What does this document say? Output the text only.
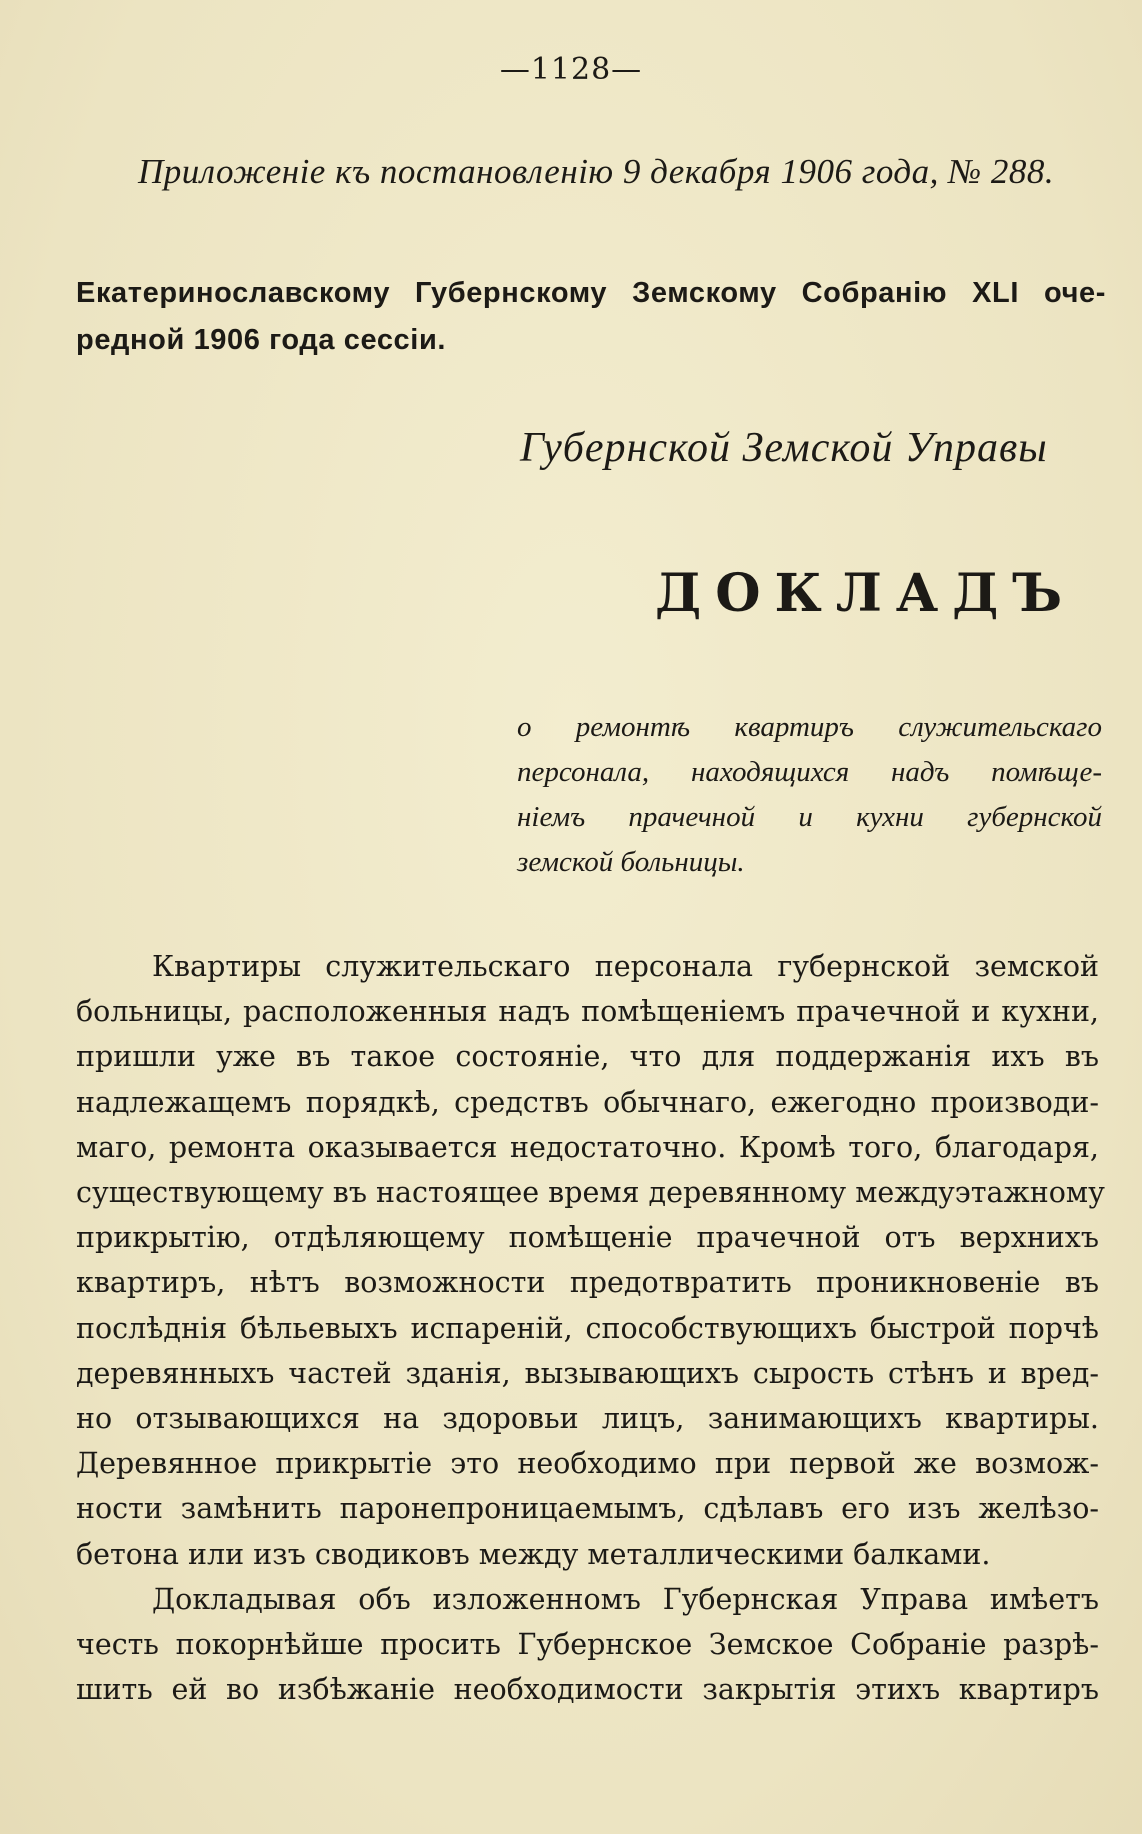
—1128—
Приложенiе къ постановленiю 9 декабря 1906 года, № 288.
Екатеринославскому Губернскому Земскому Собранiю XLI оче-
редной 1906 года сессiи.
Губернской Земской Управы
ДОКЛАДЪ
о ремонтѣ квартиръ служительскаго
персонала, находящихся надъ помѣще-
нiемъ прачечной и кухни губернской
земской больницы.
Квартиры служительскаго персонала губернской земской
больницы, расположенныя надъ помѣщенiемъ прачечной и кухни,
пришли уже въ такое состоянiе, что для поддержанiя ихъ въ
надлежащемъ порядкѣ, средствъ обычнаго, ежегодно производи-
маго, ремонта оказывается недостаточно. Кромѣ того, благодаря,
существующему въ настоящее время деревянному междуэтажному
прикрытiю, отдѣляющему помѣщенiе прачечной отъ верхнихъ
квартиръ, нѣтъ возможности предотвратить проникновенiе въ
послѣднiя бѣльевыхъ испаренiй, способствующихъ быстрой порчѣ
деревянныхъ частей зданiя, вызывающихъ сырость стѣнъ и вред-
но отзывающихся на здоровьи лицъ, занимающихъ квартиры.
Деревянное прикрытiе это необходимо при первой же возмож-
ности замѣнить паронепроницаемымъ, сдѣлавъ его изъ желѣзо-
бетона или изъ сводиковъ между металлическими балками.
Докладывая объ изложенномъ Губернская Управа имѣетъ
честь покорнѣйше просить Губернское Земское Собранiе разрѣ-
шить ей во избѣжанiе необходимости закрытiя этихъ квартиръ
